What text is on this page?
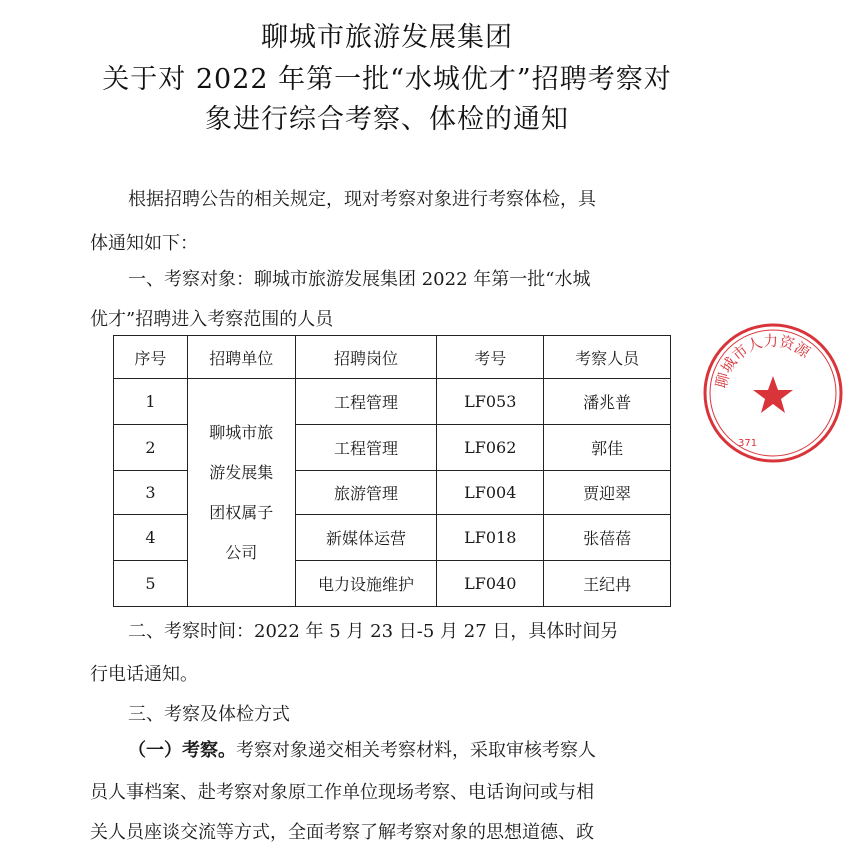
聊城市旅游发展集团
关于对 2022 年第一批“水城优才”招聘考察对
象进行综合考察、体检的通知
根据招聘公告的相关规定，现对考察对象进行考察体检，具
体通知如下：
一、考察对象：聊城市旅游发展集团 2022 年第一批“水城
优才”招聘进入考察范围的人员
序号	招聘单位	招聘岗位	考号	考察人员
1	聊城市旅
游发展集
团权属子
公司	工程管理	LF053	潘兆普
2		工程管理	LF062	郭佳
3		旅游管理	LF004	贾迎翠
4		新媒体运营	LF018	张蓓蓓
5		电力设施维护	LF040	王纪冉
二、考察时间：2022 年 5 月 23 日-5 月 27 日，具体时间另
行电话通知。
三、考察及体检方式
（一）考察。考察对象递交相关考察材料，采取审核考察人
员人事档案、赴考察对象原工作单位现场考察、电话询问或与相
关人员座谈交流等方式，全面考察了解考察对象的思想道德、政
聊城市人力资源
371
